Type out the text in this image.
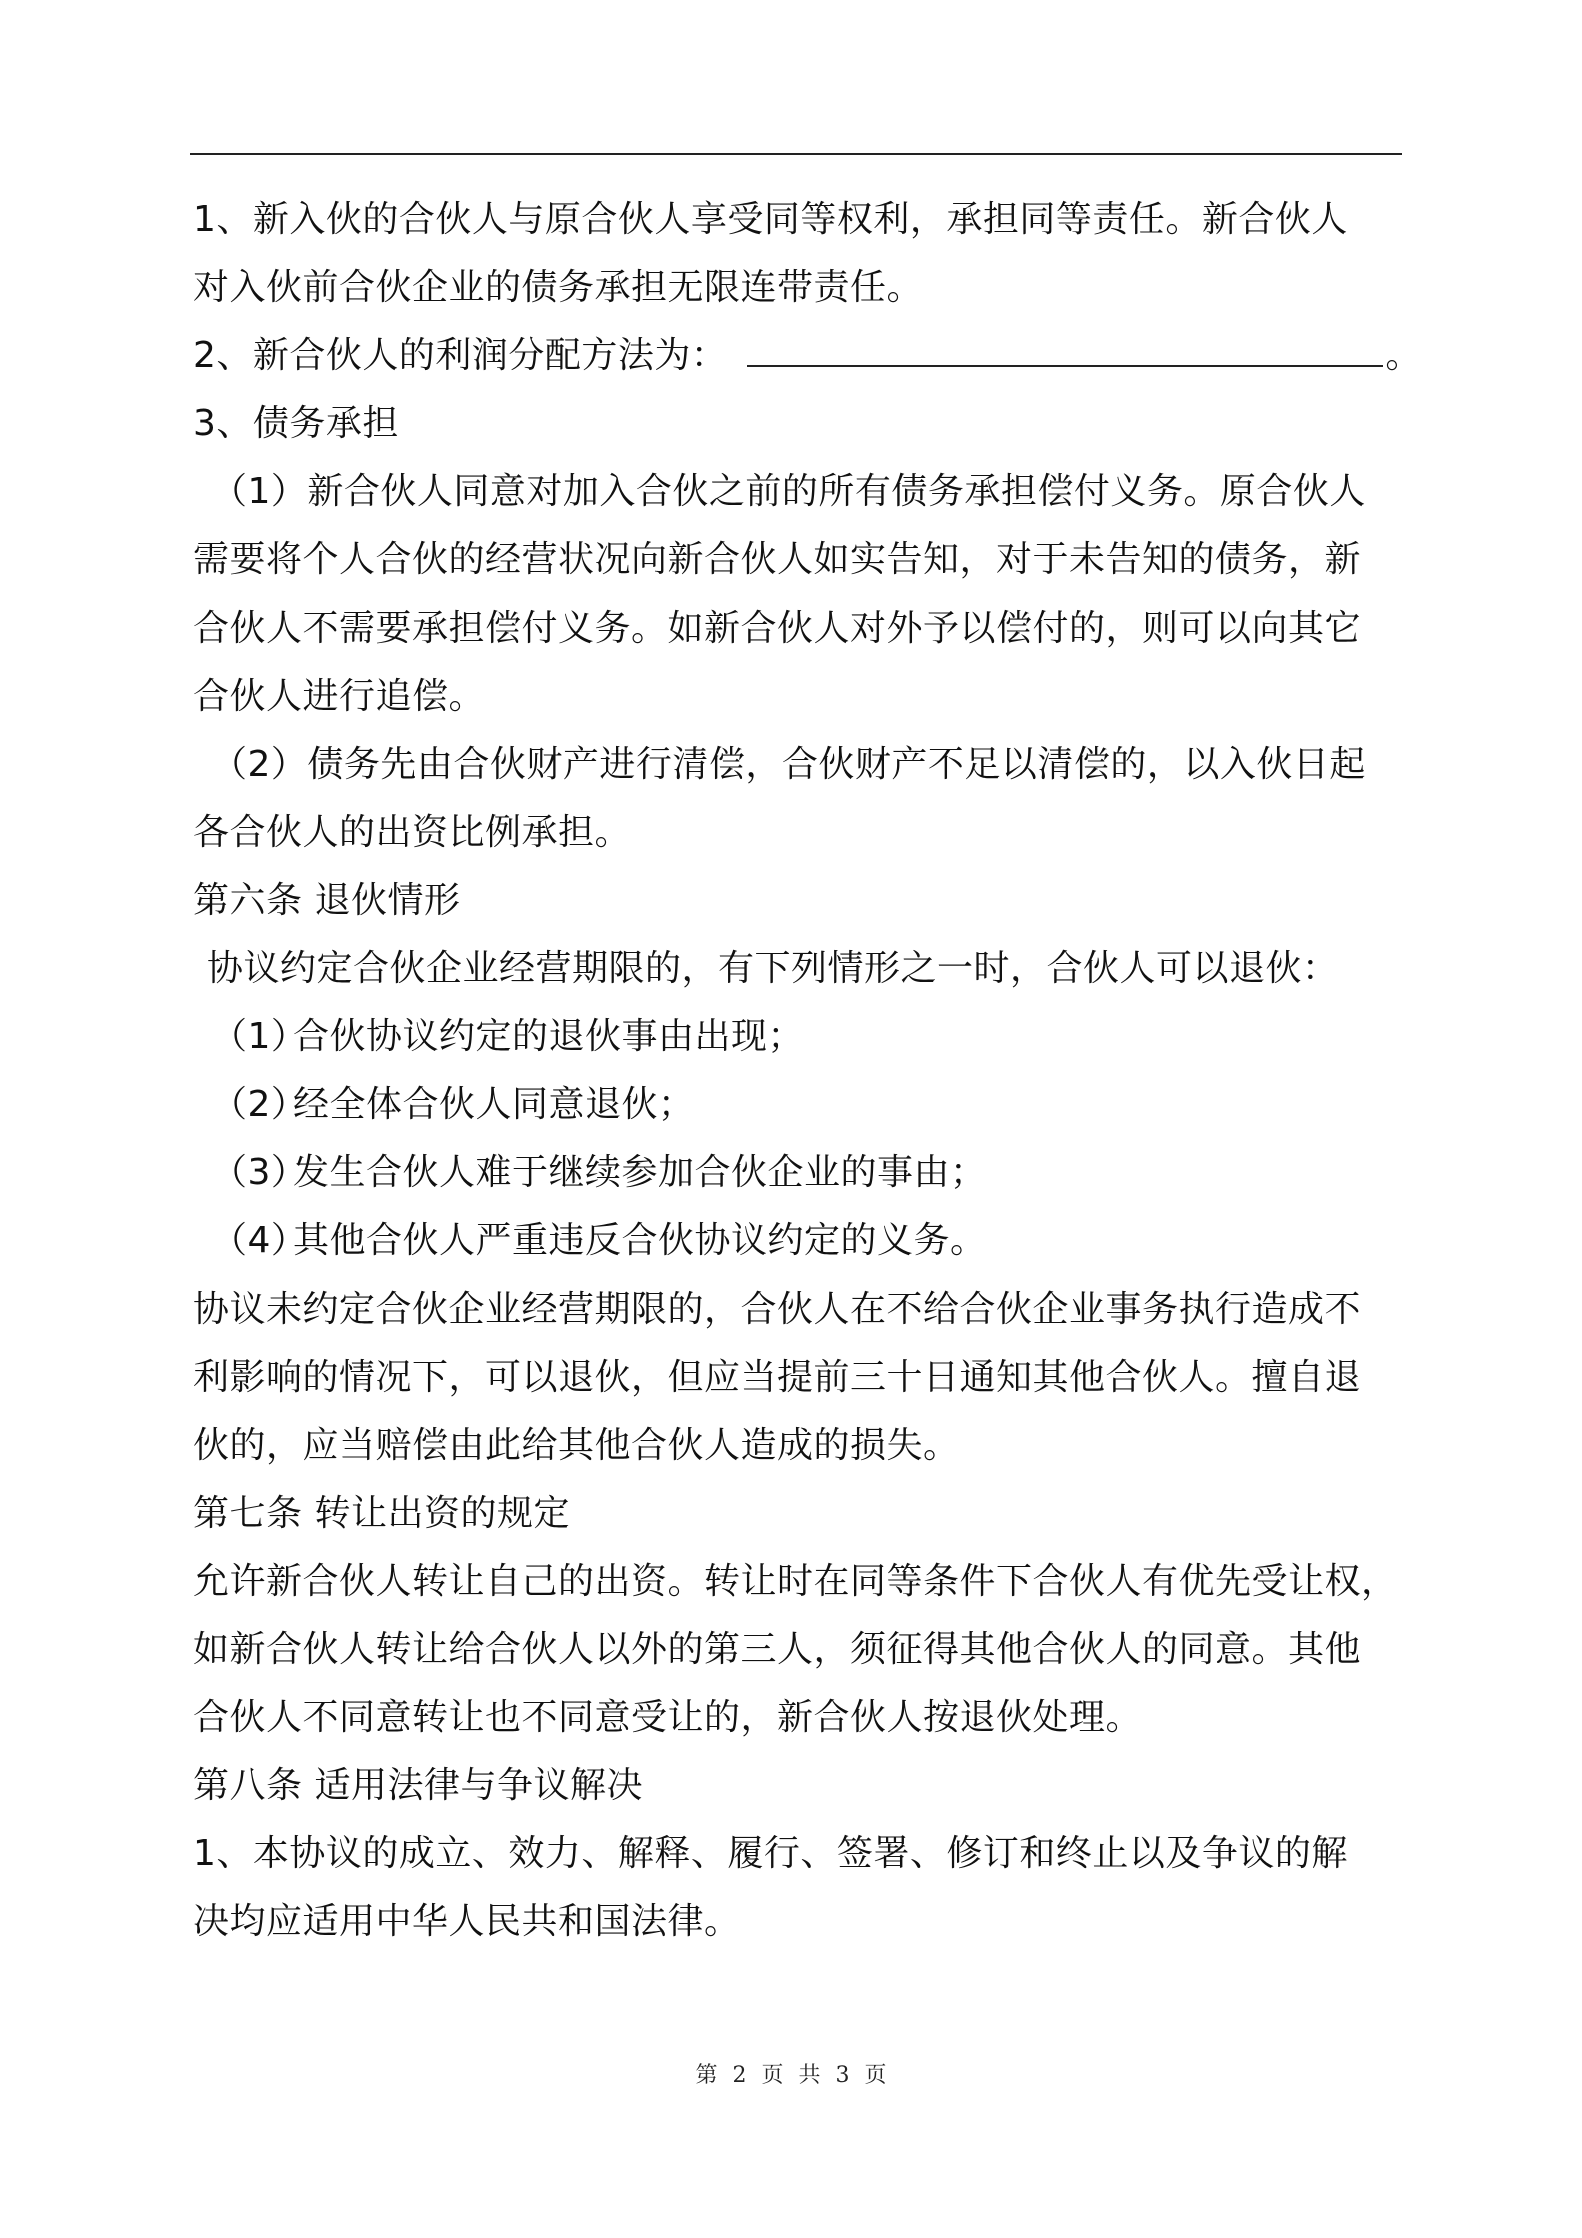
1、新入伙的合伙人与原合伙人享受同等权利，承担同等责任。新合伙人
对入伙前合伙企业的债务承担无限连带责任。
2、新合伙人的利润分配方法为：	。
3、债务承担
（1）新合伙人同意对加入合伙之前的所有债务承担偿付义务。原合伙人
需要将个人合伙的经营状况向新合伙人如实告知，对于未告知的债务，新
合伙人不需要承担偿付义务。如新合伙人对外予以偿付的，则可以向其它
合伙人进行追偿。
（2）债务先由合伙财产进行清偿，合伙财产不足以清偿的，以入伙日起
各合伙人的出资比例承担。
第六条 退伙情形
协议约定合伙企业经营期限的，有下列情形之一时，合伙人可以退伙：
（1）合伙协议约定的退伙事由出现；
（2）经全体合伙人同意退伙；
（3）发生合伙人难于继续参加合伙企业的事由；
（4）其他合伙人严重违反合伙协议约定的义务。
协议未约定合伙企业经营期限的，合伙人在不给合伙企业事务执行造成不
利影响的情况下，可以退伙，但应当提前三十日通知其他合伙人。擅自退
伙的，应当赔偿由此给其他合伙人造成的损失。
第七条 转让出资的规定
允许新合伙人转让自己的出资。转让时在同等条件下合伙人有优先受让权，
如新合伙人转让给合伙人以外的第三人，须征得其他合伙人的同意。其他
合伙人不同意转让也不同意受让的，新合伙人按退伙处理。
第八条 适用法律与争议解决
1、本协议的成立、效力、解释、履行、签署、修订和终止以及争议的解
决均应适用中华人民共和国法律。
第 2 页 共 3 页
